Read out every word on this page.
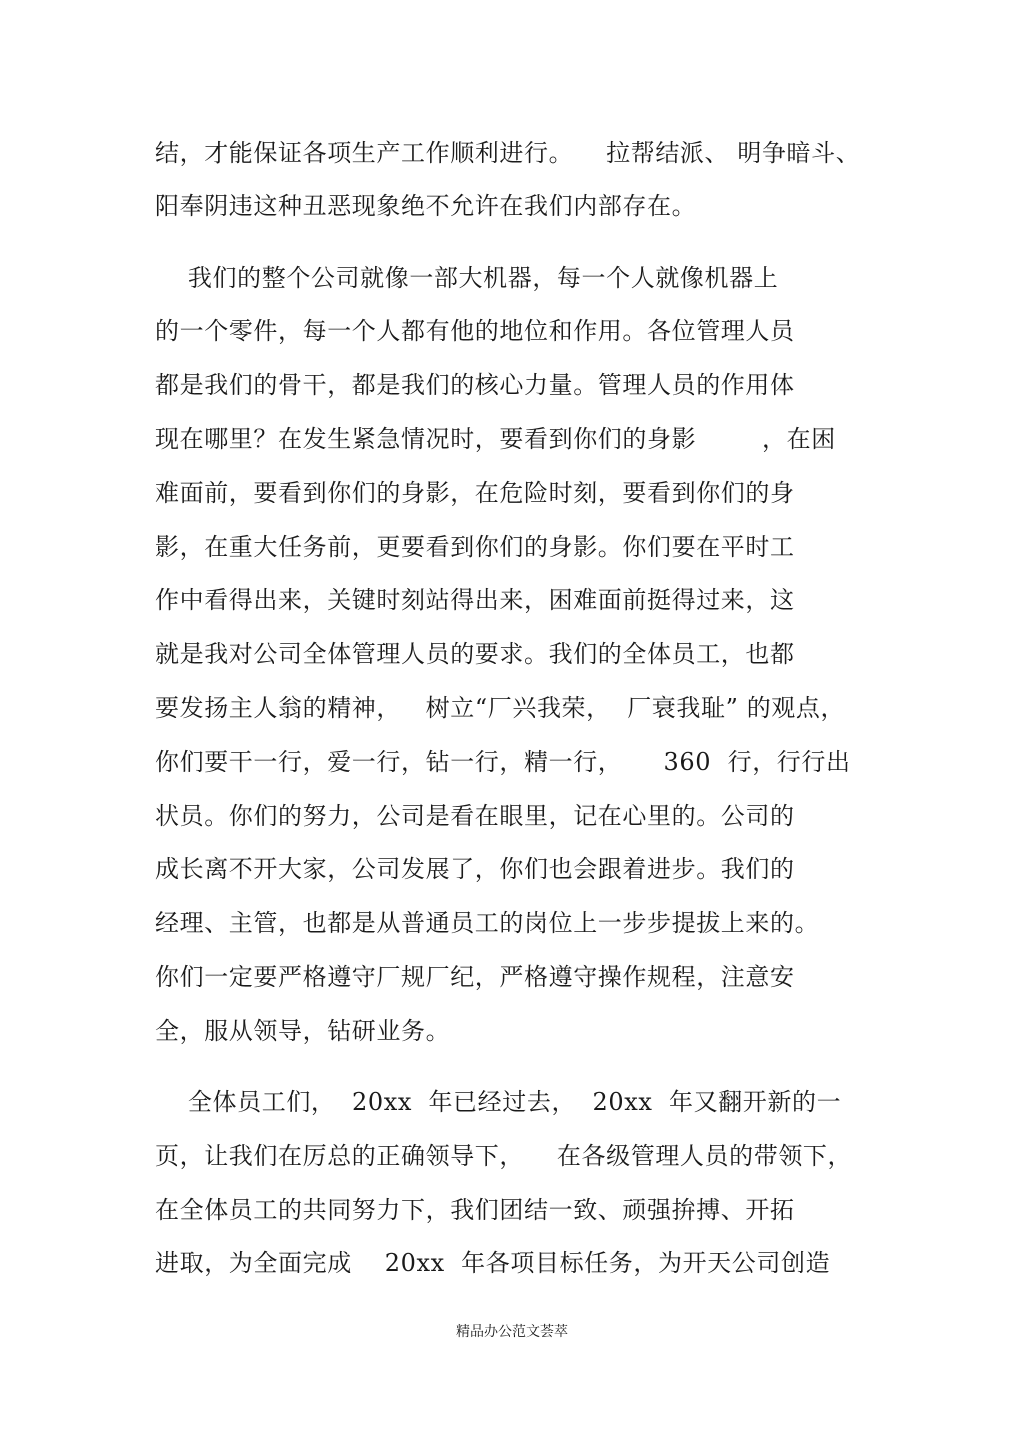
结，才能保证各项生产工作顺利进行。    拉帮结派、 明争暗斗、

阳奉阴违这种丑恶现象绝不允许在我们内部存在。

我们的整个公司就像一部大机器，每一个人就像机器上

的一个零件，每一个人都有他的地位和作用。各位管理人员

都是我们的骨干，都是我们的核心力量。管理人员的作用体

现在哪里？在发生紧急情况时，要看到你们的身影        ，在困

难面前，要看到你们的身影，在危险时刻，要看到你们的身

影，在重大任务前，更要看到你们的身影。你们要在平时工

作中看得出来，关键时刻站得出来，困难面前挺得过来，这

就是我对公司全体管理人员的要求。我们的全体员工，也都

要发扬主人翁的精神，   树立“厂兴我荣，  厂衰我耻” 的观点，

你们要干一行，爱一行，钻一行，精一行，     360  行，行行出

状员。你们的努力，公司是看在眼里，记在心里的。公司的

成长离不开大家，公司发展了，你们也会跟着进步。我们的

经理、主管，也都是从普通员工的岗位上一步步提拔上来的。

你们一定要严格遵守厂规厂纪，严格遵守操作规程，注意安

全，服从领导，钻研业务。

全体员工们，  20xx  年已经过去，  20xx  年又翻开新的一

页，让我们在厉总的正确领导下，    在各级管理人员的带领下，

在全体员工的共同努力下，我们团结一致、顽强拚搏、开拓

进取，为全面完成    20xx  年各项目标任务，为开天公司创造

精品办公范文荟萃
